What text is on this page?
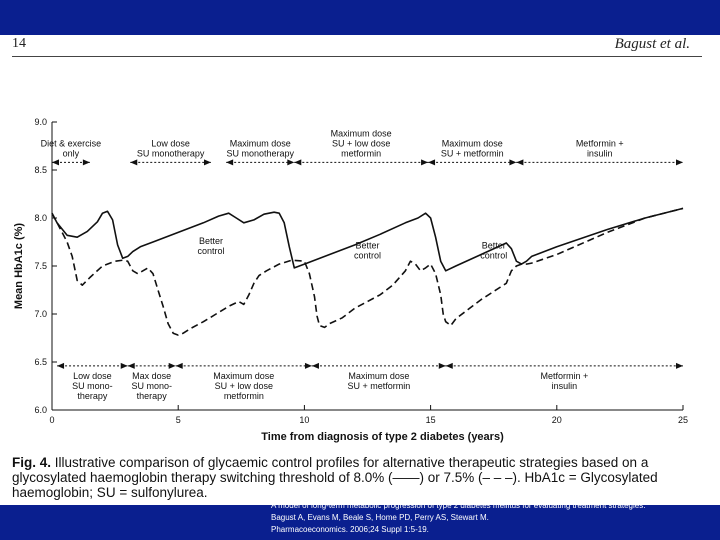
14	Bagust et al.
6.0
6.5
7.0
7.5
8.0
8.5
9.0
0	5	10	15	20	25
Time from diagnosis of type 2 diabetes (years)
Mean HbA1c (%)
Diet & exercise
only
Low dose
SU monotherapy
Maximum dose
SU monotherapy
Maximum dose
SU + low dose
metformin
Maximum dose
SU + metformin
Metformin +
insulin
Low dose
SU mono-
therapy
Max dose
SU mono-
therapy
Maximum dose
SU + low dose
metformin
Maximum dose
SU + metformin
Metformin +
insulin
Better
control
Better
control
Better
control
Fig. 4. Illustrative comparison of glycaemic control profiles for alternative therapeutic strategies based on a glycosylated haemoglobin therapy switching threshold of 8.0% (——) or 7.5% (– – –). HbA1c = Glycosylated haemoglobin; SU = sulfonylurea.
A model of long-term metabolic progression of type 2 diabetes mellitus for evaluating treatment strategies.
Bagust A, Evans M, Beale S, Home PD, Perry AS, Stewart M.
Pharmacoeconomics. 2006;24 Suppl 1:5-19.
